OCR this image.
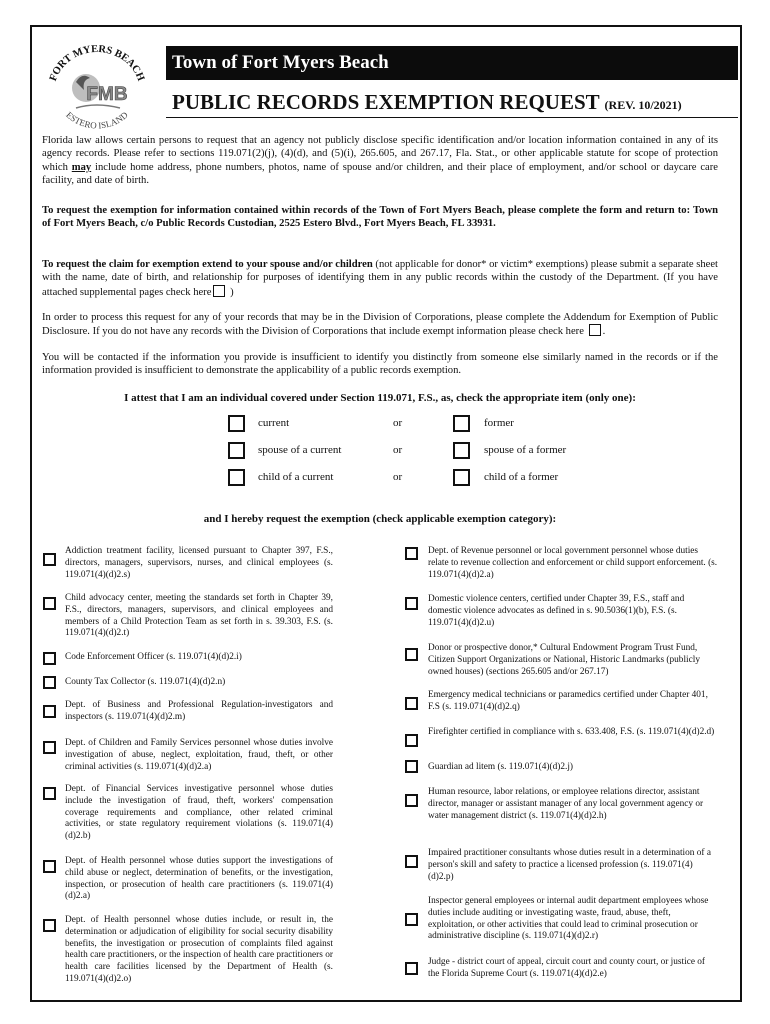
FORT MYERS BEACH
ESTERO ISLAND
FMB
Town of Fort Myers Beach
PUBLIC RECORDS EXEMPTION REQUEST (REV. 10/2021)

Florida law allows certain persons to request that an agency not publicly disclose specific identification and/or location information contained in any of its agency records. Please refer to sections 119.071(2)(j), (4)(d), and (5)(i), 265.605, and 267.17, Fla. Stat., or other applicable statute for scope of protection which may include home address, phone numbers, photos, name of spouse and/or children, and their place of employment, and/or school or daycare care facility, and date of birth.

To request the exemption for information contained within records of the Town of Fort Myers Beach, please complete the form and return to: Town of Fort Myers Beach, c/o Public Records Custodian, 2525 Estero Blvd., Fort Myers Beach, FL 33931.

To request the claim for exemption extend to your spouse and/or children (not applicable for donor* or victim* exemptions) please submit a separate sheet with the name, date of birth, and relationship for purposes of identifying them in any public records within the custody of the Department. (If you have attached supplemental pages check here )

In order to process this request for any of your records that may be in the Division of Corporations, please complete the Addendum for Exemption of Public Disclosure. If you do not have any records with the Division of Corporations that include exempt information please check here .

You will be contacted if the information you provide is insufficient to identify you distinctly from someone else similarly named in the records or if the information provided is insufficient to demonstrate the applicability of a public records exemption.

I attest that I am an individual covered under Section 119.071, F.S., as, check the appropriate item (only one):
current	or	former
spouse of a current	or	spouse of a former
child of a current	or	child of a former
and I hereby request the exemption (check applicable exemption category):

Addiction treatment facility, licensed pursuant to Chapter 397, F.S., directors, managers, supervisors, nurses, and clinical employees (s. 119.071(4)(d)2.s)

Child advocacy center, meeting the standards set forth in Chapter 39, F.S., directors, managers, supervisors, and clinical employees and members of a Child Protection Team as set forth in s. 39.303, F.S. (s. 119.071(4)(d)2.t)

Code Enforcement Officer (s. 119.071(4)(d)2.i)

County Tax Collector (s. 119.071(4)(d)2.n)

Dept. of Business and Professional Regulation-investigators and inspectors (s. 119.071(4)(d)2.m)

Dept. of Children and Family Services personnel whose duties involve investigation of abuse, neglect, exploitation, fraud, theft, or other criminal activities (s. 119.071(4)(d)2.a)

Dept. of Financial Services investigative personnel whose duties include the investigation of fraud, theft, workers' compensation coverage requirements and compliance, other related criminal activities, or state regulatory requirement violations (s. 119.071(4)(d)2.b)

Dept. of Health personnel whose duties support the investigations of child abuse or neglect, determination of benefits, or the investigation, inspection, or prosecution of health care practitioners (s. 119.071(4)(d)2.a)

Dept. of Health personnel whose duties include, or result in, the determination or adjudication of eligibility for social security disability benefits, the investigation or prosecution of complaints filed against health care practitioners, or the inspection of health care practitioners or health care facilities licensed by the Department of Health (s. 119.071(4)(d)2.o)

Dept. of Revenue personnel or local government personnel whose duties relate to revenue collection and enforcement or child support enforcement. (s. 119.071(4)(d)2.a)

Domestic violence centers, certified under Chapter 39, F.S., staff and domestic violence advocates as defined in s. 90.5036(1)(b), F.S. (s. 119.071(4)(d)2.u)

Donor or prospective donor,* Cultural Endowment Program Trust Fund, Citizen Support Organizations or National, Historic Landmarks (publicly owned houses) (sections 265.605 and/or 267.17)

Emergency medical technicians or paramedics certified under Chapter 401, F.S (s. 119.071(4)(d)2.q)

Firefighter certified in compliance with s. 633.408, F.S. (s. 119.071(4)(d)2.d)

Guardian ad litem (s. 119.071(4)(d)2.j)

Human resource, labor relations, or employee relations director, assistant director, manager or assistant manager of any local government agency or water management district (s. 119.071(4)(d)2.h)

Impaired practitioner consultants whose duties result in a determination of a person's skill and safety to practice a licensed profession (s. 119.071(4)(d)2.p)

Inspector general employees or internal audit department employees whose duties include auditing or investigating waste, fraud, abuse, theft, exploitation, or other activities that could lead to criminal prosecution or administrative discipline (s. 119.071(4)(d)2.r)

Judge - district court of appeal, circuit court and county court, or justice of the Florida Supreme Court (s. 119.071(4)(d)2.e)
